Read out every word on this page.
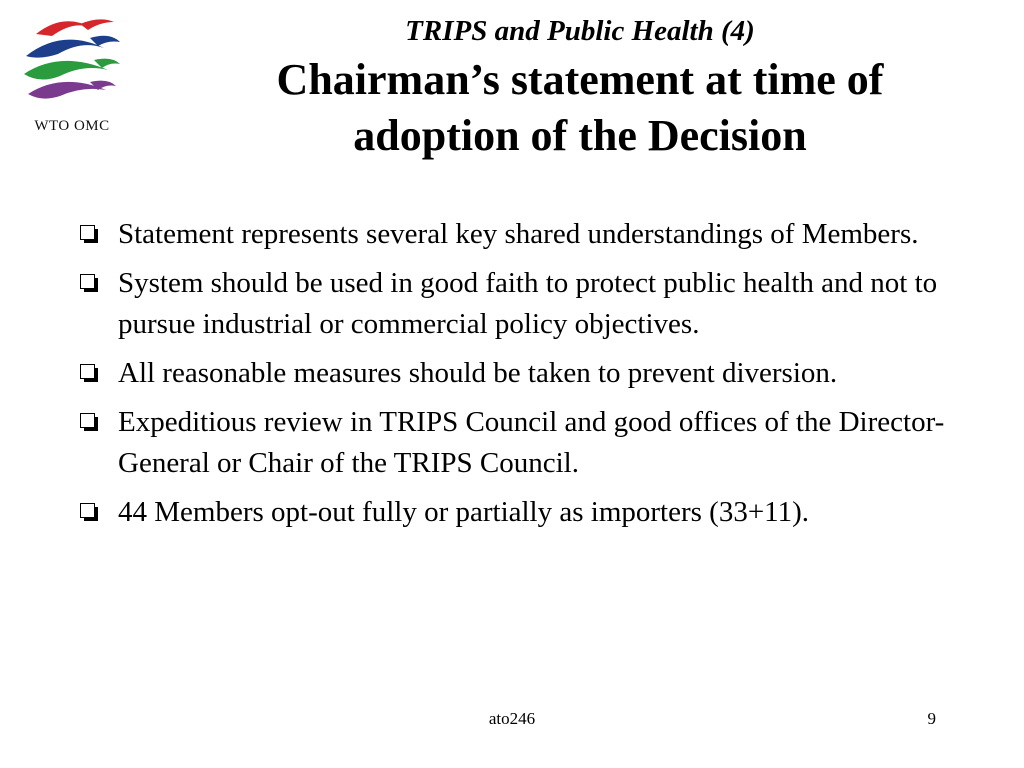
WTO OMC

TRIPS and Public Health (4)

Chairman’s statement at time of
adoption of the Decision
Statement represents several key shared understandings of Members.
System should be used in good faith to protect public health and not to pursue industrial or commercial policy objectives.
All reasonable measures should be taken to prevent diversion.
Expeditious review in TRIPS Council and good offices of the Director-General or Chair of the TRIPS Council.
44 Members opt-out fully or partially as importers (33+11).
ato246	9
